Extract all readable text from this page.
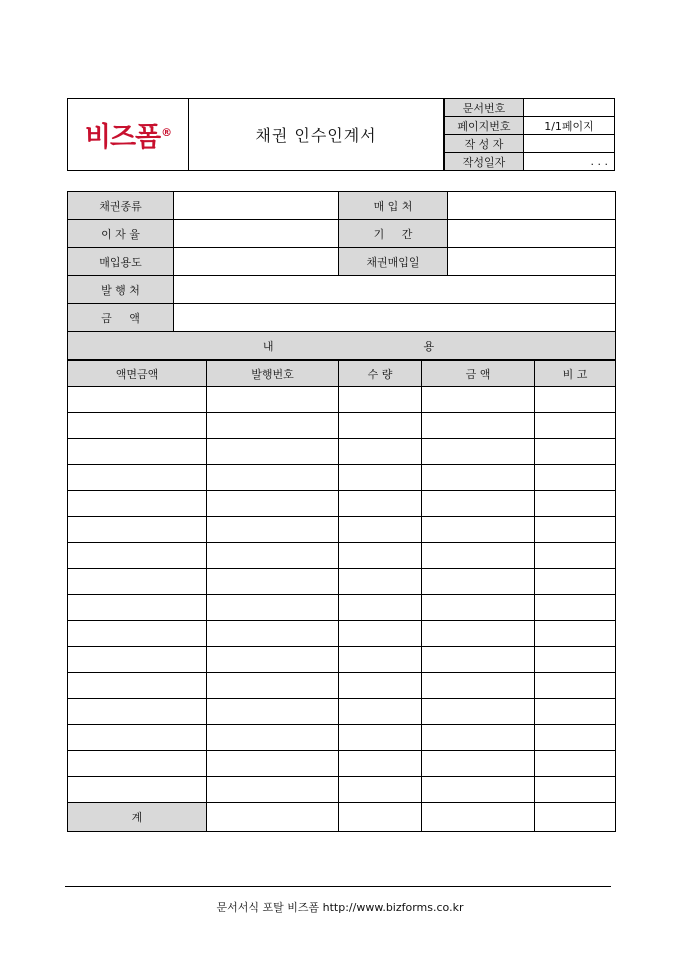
비즈폼®	채권 인수인계서
문서번호	
페이지번호	1/1페이지
작 성 자	
작성일자	. . .
채권종류		매 입 처	
이 자 율		기     간	
매입용도		채권매입일	
발 행 처			
금     액			
내 용			
액면금액	발행번호	수 량	금 액	비 고

계				
문서서식 포탈 비즈폼 http://www.bizforms.co.kr
